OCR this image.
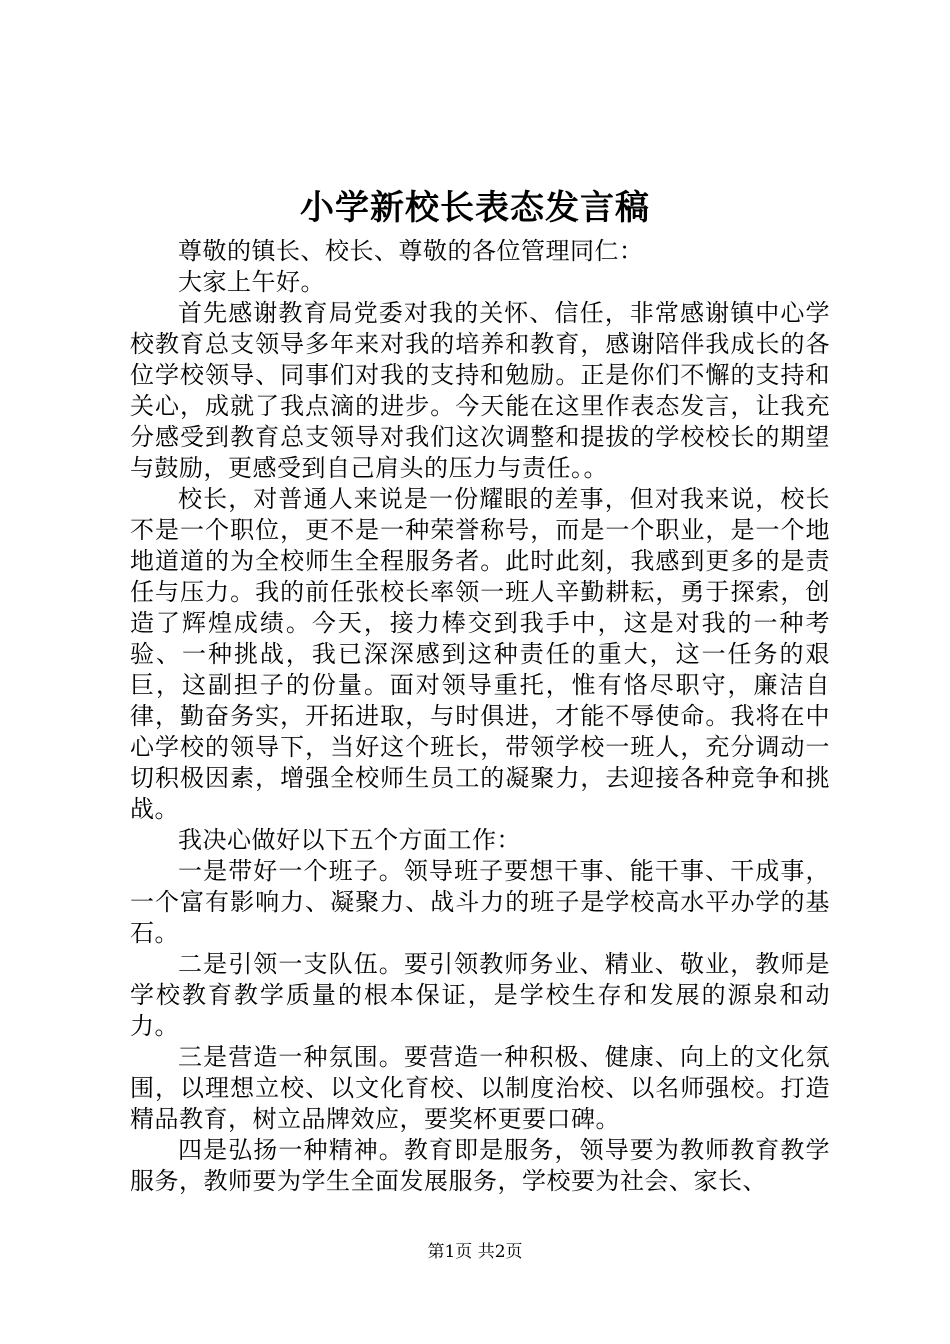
小学新校长表态发言稿

尊敬的镇长、校长、尊敬的各位管理同仁：

大家上午好。

首先感谢教育局党委对我的关怀、信任，非常感谢镇中心学校教育总支领导多年来对我的培养和教育，感谢陪伴我成长的各位学校领导、同事们对我的支持和勉励。正是你们不懈的支持和关心，成就了我点滴的进步。今天能在这里作表态发言，让我充分感受到教育总支领导对我们这次调整和提拔的学校校长的期望与鼓励，更感受到自己肩头的压力与责任。。

校长，对普通人来说是一份耀眼的差事，但对我来说，校长不是一个职位，更不是一种荣誉称号，而是一个职业，是一个地地道道的为全校师生全程服务者。此时此刻，我感到更多的是责任与压力。我的前任张校长率领一班人辛勤耕耘，勇于探索，创造了辉煌成绩。今天，接力棒交到我手中，这是对我的一种考验、一种挑战，我已深深感到这种责任的重大，这一任务的艰巨，这副担子的份量。面对领导重托，惟有恪尽职守，廉洁自律，勤奋务实，开拓进取，与时俱进，才能不辱使命。我将在中心学校的领导下，当好这个班长，带领学校一班人，充分调动一切积极因素，增强全校师生员工的凝聚力，去迎接各种竞争和挑战。

我决心做好以下五个方面工作：

一是带好一个班子。领导班子要想干事、能干事、干成事，一个富有影响力、凝聚力、战斗力的班子是学校高水平办学的基石。

二是引领一支队伍。要引领教师务业、精业、敬业，教师是学校教育教学质量的根本保证，是学校生存和发展的源泉和动力。

三是营造一种氛围。要营造一种积极、健康、向上的文化氛围，以理想立校、以文化育校、以制度治校、以名师强校。打造精品教育，树立品牌效应，要奖杯更要口碑。

四是弘扬一种精神。教育即是服务，领导要为教师教育教学服务，教师要为学生全面发展服务，学校要为社会、家长、

第1页 共2页
